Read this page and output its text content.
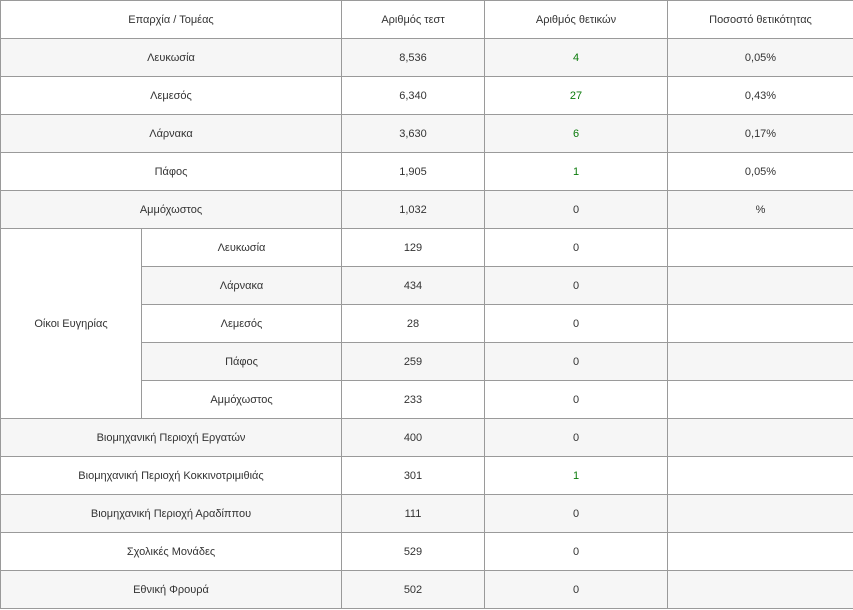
Επαρχία / Τομέας		Αριθμός τεστ	Αριθμός θετικών	Ποσοστό θετικότητας
Λευκωσία		8,536	4	0,05%
Λεμεσός		6,340	27	0,43%
Λάρνακα		3,630	6	0,17%
Πάφος		1,905	1	0,05%
Αμμόχωστος		1,032	0	%
Οίκοι Ευγηρίας	Λευκωσία	129	0	
	Λάρνακα	434	0	
	Λεμεσός	28	0	
	Πάφος	259	0	
	Αμμόχωστος	233	0	
Βιομηχανική Περιοχή Εργατών		400	0	
Βιομηχανική Περιοχή Κοκκινοτριμιθιάς		301	1	
Βιομηχανική Περιοχή Αραδίππου		111	0	
Σχολικές Μονάδες		529	0	
Εθνική Φρουρά		502	0	
